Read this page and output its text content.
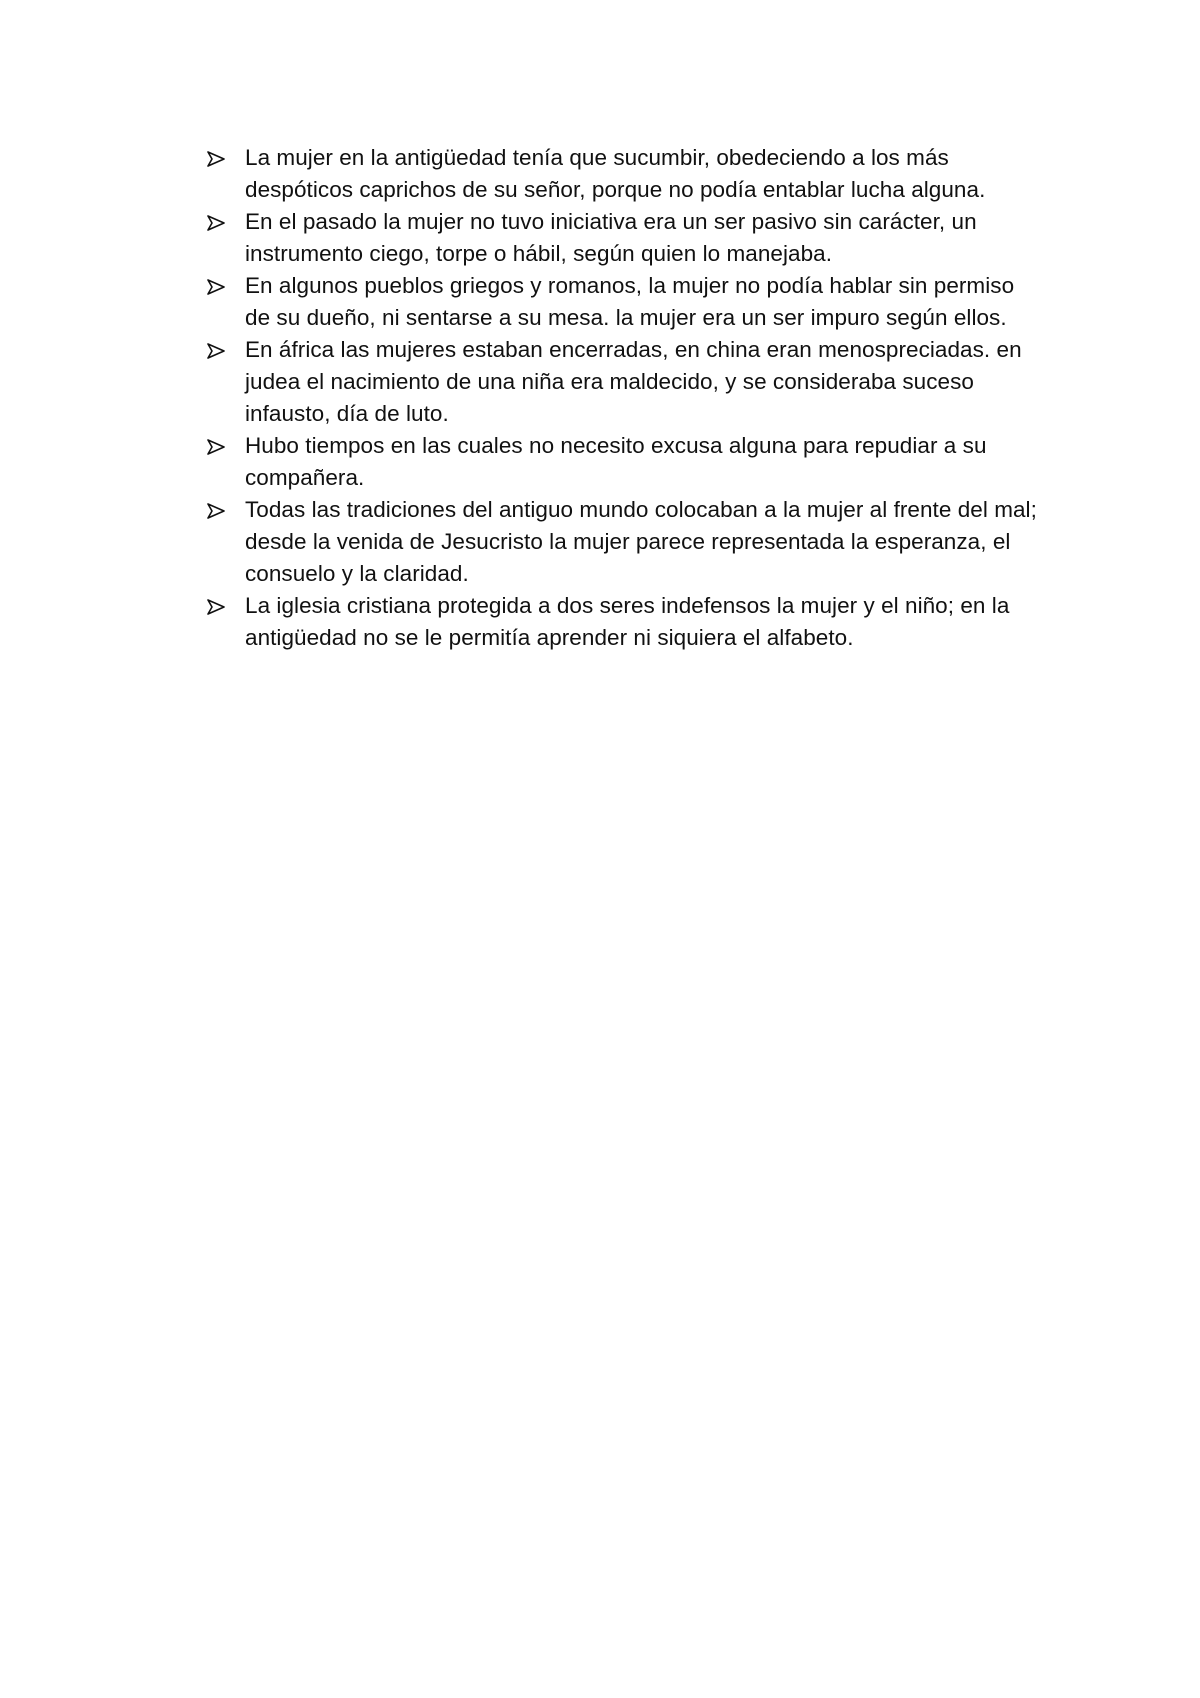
La mujer en la antigüedad tenía que sucumbir, obedeciendo a los más despóticos caprichos de su señor, porque no podía entablar lucha alguna.
En el pasado la mujer no tuvo iniciativa era un ser pasivo sin carácter, un instrumento ciego, torpe o hábil, según quien lo manejaba.
En algunos pueblos griegos y romanos, la mujer no podía hablar sin permiso de su dueño, ni sentarse a su mesa. la mujer era un ser impuro según ellos.
En áfrica las mujeres estaban encerradas, en china eran menospreciadas. en judea el nacimiento de una niña era maldecido, y se consideraba suceso infausto, día de luto.
Hubo tiempos en las cuales no necesito excusa alguna para repudiar a su compañera.
Todas las tradiciones del antiguo mundo colocaban a la mujer al frente del mal; desde la venida de Jesucristo la mujer parece representada la esperanza, el consuelo y la claridad.
La iglesia cristiana protegida a dos seres indefensos la mujer y el niño; en la antigüedad no se le permitía aprender ni siquiera el alfabeto.
